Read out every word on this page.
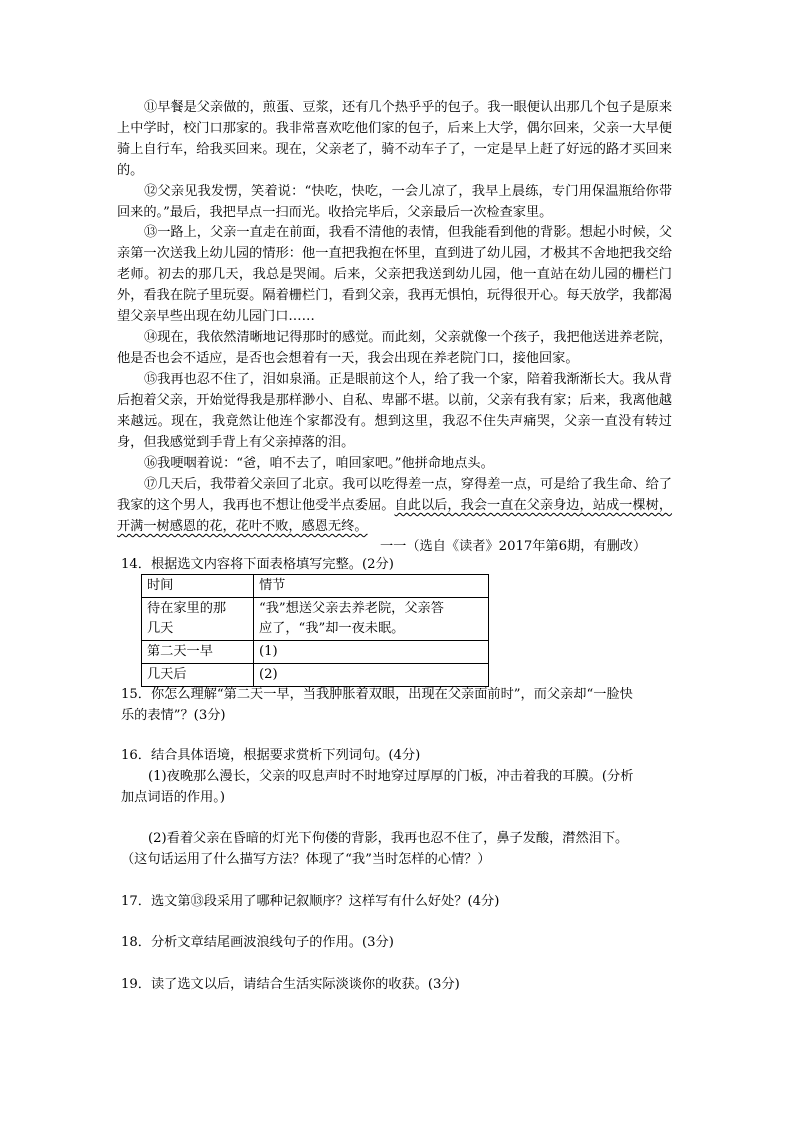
⑪早餐是父亲做的，煎蛋、豆浆，还有几个热乎乎的包子。我一眼便认出那几个包子是原来上中学时，校门口那家的。我非常喜欢吃他们家的包子，后来上大学，偶尔回来，父亲一大早便骑上自行车，给我买回来。现在，父亲老了，骑不动车子了，一定是早上赶了好远的路才买回来的。

⑫父亲见我发愣，笑着说：“快吃，快吃，一会儿凉了，我早上晨练，专门用保温瓶给你带回来的。”最后，我把早点一扫而光。收拾完毕后，父亲最后一次检查家里。

⑬一路上，父亲一直走在前面，我看不清他的表情，但我能看到他的背影。想起小时候，父亲第一次送我上幼儿园的情形：他一直把我抱在怀里，直到进了幼儿园，才极其不舍地把我交给老师。初去的那几天，我总是哭闹。后来，父亲把我送到幼儿园，他一直站在幼儿园的栅栏门外，看我在院子里玩耍。隔着栅栏门，看到父亲，我再无惧怕，玩得很开心。每天放学，我都渴望父亲早些出现在幼儿园门口……

⑭现在，我依然清晰地记得那时的感觉。而此刻，父亲就像一个孩子，我把他送进养老院，他是否也会不适应，是否也会想着有一天，我会出现在养老院门口，接他回家。

⑮我再也忍不住了，泪如泉涌。正是眼前这个人，给了我一个家，陪着我渐渐长大。我从背后抱着父亲，开始觉得我是那样渺小、自私、卑鄙不堪。以前，父亲有我有家；后来，我离他越来越远。现在，我竟然让他连个家都没有。想到这里，我忍不住失声痛哭，父亲一直没有转过身，但我感觉到手背上有父亲掉落的泪。

⑯我哽咽着说：“爸，咱不去了，咱回家吧。”他拼命地点头。

⑰几天后，我带着父亲回了北京。我可以吃得差一点，穿得差一点，可是给了我生命、给了我家的这个男人，我再也不想让他受半点委屈。自此以后，我会一直在父亲身边，站成一棵树，开满一树感恩的花，花叶不败，感恩无终。

一一（选自《读者》2017年第6期，有删改）

14．根据选文内容将下面表格填写完整。(2分)

时间	情节
待在家里的那
几天	“我”想送父亲去养老院，父亲答
应了，“我”却一夜未眠。
第二天一早	(1)
几天后	(2)

15．你怎么理解“第二天一早，当我肿胀着双眼，出现在父亲面前时”，而父亲却“一脸快

乐的表情”？(3分)

16．结合具体语境，根据要求赏析下列词句。(4分)

(1)夜晚那么漫长，父亲的叹息声时不时地穿过厚厚的门板，冲击着我的耳膜。(分析

加点词语的作用。)

(2)看着父亲在昏暗的灯光下佝偻的背影，我再也忍不住了，鼻子发酸，潸然泪下。

（这句话运用了什么描写方法？体现了“我”当时怎样的心情？）

17．选文第⑬段采用了哪种记叙顺序？这样写有什么好处？(4分)

18．分析文章结尾画波浪线句子的作用。(3分)

19．读了选文以后，请结合生活实际淡谈你的收获。(3分)
